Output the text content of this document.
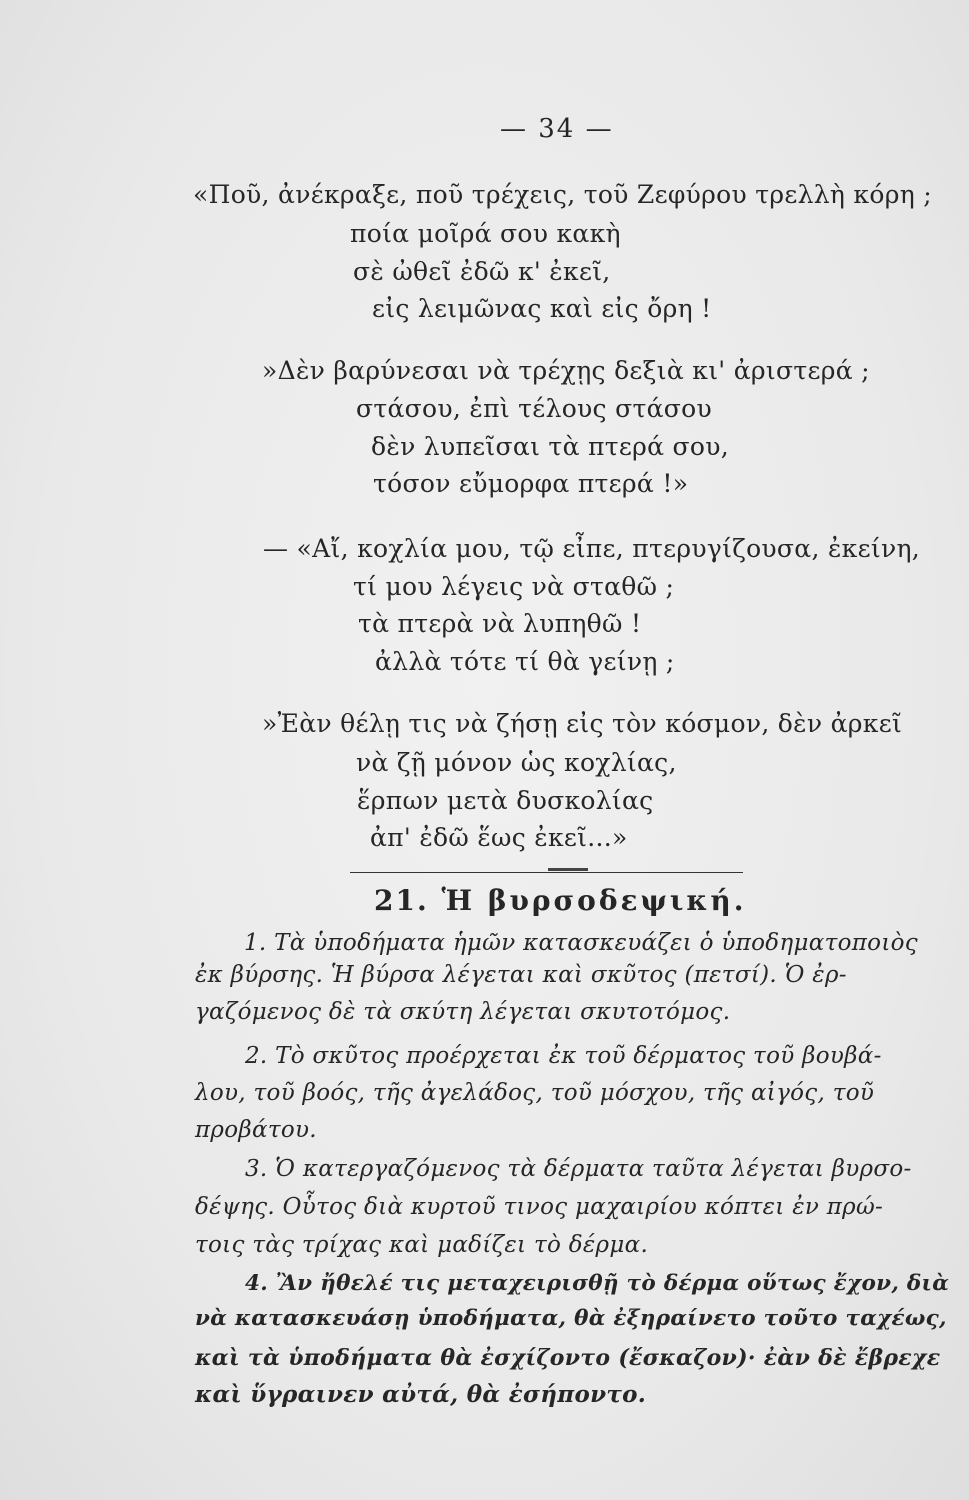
— 34 —
«Ποῦ, ἀνέκραξε, ποῦ τρέχεις, τοῦ Ζεφύρου τρελλὴ κόρη ;
ποία μοῖρά σου κακὴ
σὲ ὠθεῖ ἐδῶ κ' ἐκεῖ,
εἰς λειμῶνας καὶ εἰς ὄρη !
»Δὲν βαρύνεσαι νὰ τρέχῃς δεξιὰ κι' ἀριστερά ;
στάσου, ἐπὶ τέλους στάσου
δὲν λυπεῖσαι τὰ πτερά σου,
τόσον εὔμορφα πτερά !»
— «Αἴ, κοχλία μου, τῷ εἶπε, πτερυγίζουσα, ἐκείνη,
τί μου λέγεις νὰ σταθῶ ;
τὰ πτερὰ νὰ λυπηθῶ !
ἀλλὰ τότε τί θὰ γείνῃ ;
»Ἐὰν θέλῃ τις νὰ ζήσῃ εἰς τὸν κόσμον, δὲν ἀρκεῖ
νὰ ζῇ μόνον ὡς κοχλίας,
ἕρπων μετὰ δυσκολίας
ἀπ' ἐδῶ ἕως ἐκεῖ...»
21. Ἡ βυρσοδεψική.
1. Τὰ ὑποδήματα ἡμῶν κατασκευάζει ὁ ὑποδηματοποιὸς
ἐκ βύρσης. Ἡ βύρσα λέγεται καὶ σκῦτος (πετσί). Ὁ ἐρ-
γαζόμενος δὲ τὰ σκύτη λέγεται σκυτοτόμος.
2. Τὸ σκῦτος προέρχεται ἐκ τοῦ δέρματος τοῦ βουβά-
λου, τοῦ βοός, τῆς ἀγελάδος, τοῦ μόσχου, τῆς αἰγός, τοῦ
προβάτου.
3. Ὁ κατεργαζόμενος τὰ δέρματα ταῦτα λέγεται βυρσο-
δέψης. Οὗτος διὰ κυρτοῦ τινος μαχαιρίου κόπτει ἐν πρώ-
τοις τὰς τρίχας καὶ μαδίζει τὸ δέρμα.
4. Ἂν ἤθελέ τις μεταχειρισθῇ τὸ δέρμα οὕτως ἔχον, διὰ
νὰ κατασκευάσῃ ὑποδήματα, θὰ ἐξηραίνετο τοῦτο ταχέως,
καὶ τὰ ὑποδήματα θὰ ἐσχίζοντο (ἔσκαζον)· ἐὰν δὲ ἔβρεχε
καὶ ὕγραινεν αὐτά, θὰ ἐσήποντο.
